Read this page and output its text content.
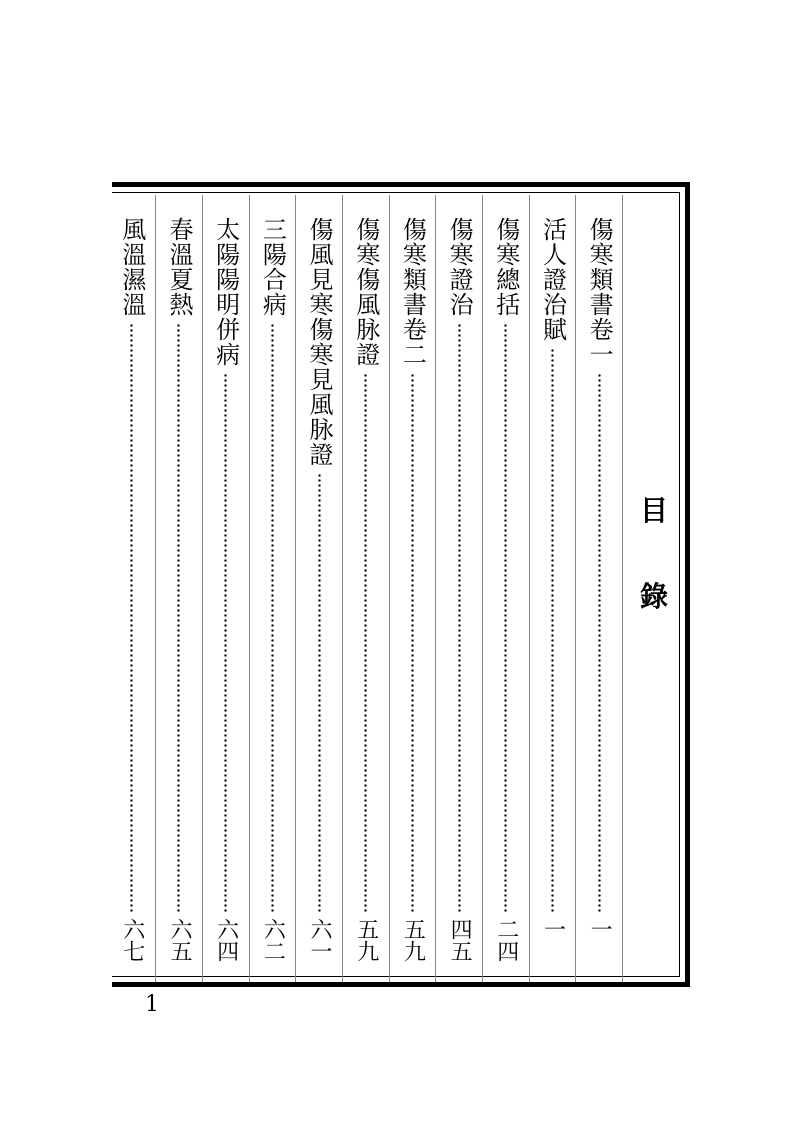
目
錄
傷寒類書卷一
一
活人證治賦
一
傷寒總括
二四
傷寒證治
四五
傷寒類書卷二
五九
傷寒傷風脉證
五九
傷風見寒傷寒見風脉證
六一
三陽合病
六二
太陽陽明併病
六四
春溫夏熱
六五
風溫濕溫
六七
1
